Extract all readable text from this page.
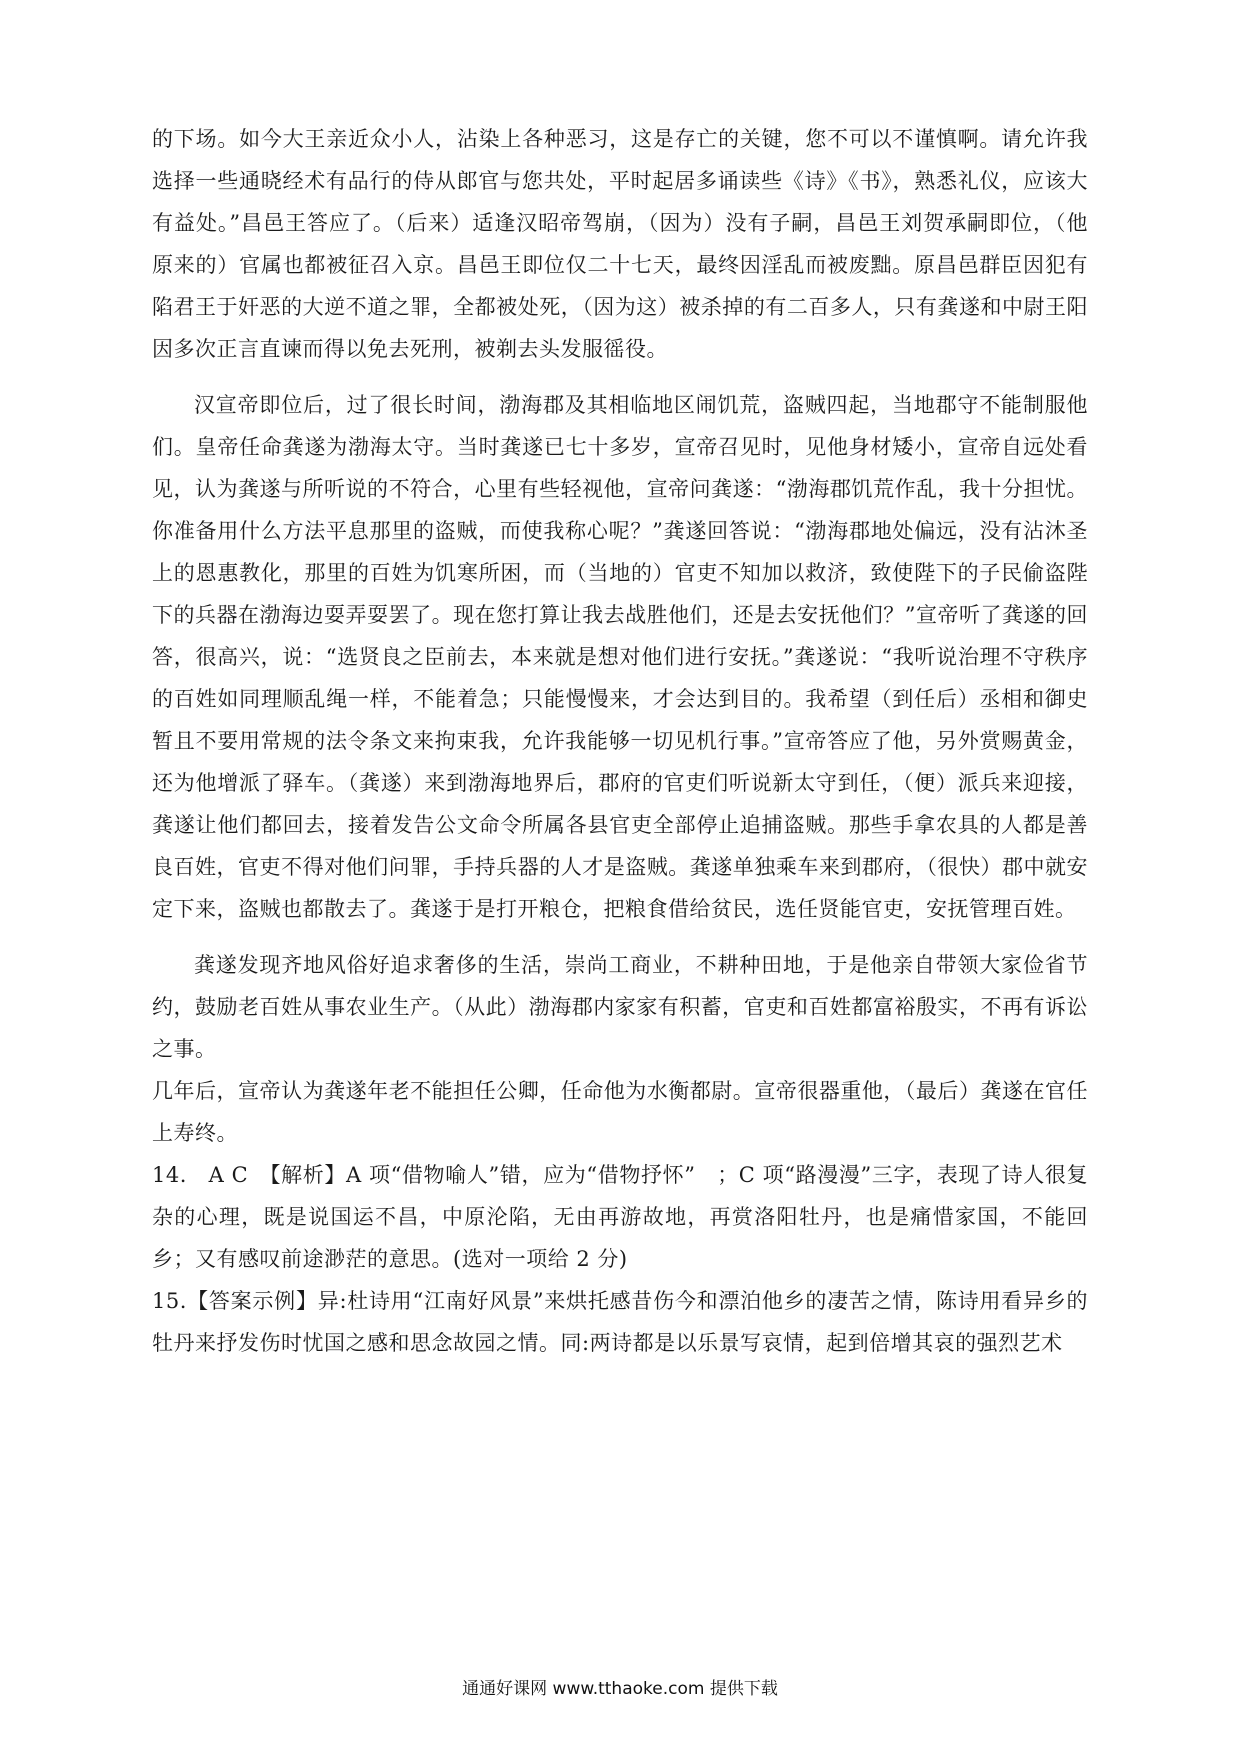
的下场。如今大王亲近众小人，沾染上各种恶习，这是存亡的关键，您不可以不谨慎啊。请允许我选择一些通晓经术有品行的侍从郎官与您共处，平时起居多诵读些《诗》《书》，熟悉礼仪，应该大有益处。”昌邑王答应了。（后来）适逢汉昭帝驾崩，（因为）没有子嗣，昌邑王刘贺承嗣即位，（他原来的）官属也都被征召入京。昌邑王即位仅二十七天，最终因淫乱而被废黜。原昌邑群臣因犯有陷君王于奸恶的大逆不道之罪，全都被处死，（因为这）被杀掉的有二百多人，只有龚遂和中尉王阳因多次正言直谏而得以免去死刑，被剃去头发服徭役。

汉宣帝即位后，过了很长时间，渤海郡及其相临地区闹饥荒，盗贼四起，当地郡守不能制服他们。皇帝任命龚遂为渤海太守。当时龚遂已七十多岁，宣帝召见时，见他身材矮小，宣帝自远处看见，认为龚遂与所听说的不符合，心里有些轻视他，宣帝问龚遂：“渤海郡饥荒作乱，我十分担忧。你准备用什么方法平息那里的盗贼，而使我称心呢？”龚遂回答说：“渤海郡地处偏远，没有沾沐圣上的恩惠教化，那里的百姓为饥寒所困，而（当地的）官吏不知加以救济，致使陛下的子民偷盗陛下的兵器在渤海边耍弄耍罢了。现在您打算让我去战胜他们，还是去安抚他们？”宣帝听了龚遂的回答，很高兴，说：“选贤良之臣前去，本来就是想对他们进行安抚。”龚遂说：“我听说治理不守秩序的百姓如同理顺乱绳一样，不能着急；只能慢慢来，才会达到目的。我希望（到任后）丞相和御史暂且不要用常规的法令条文来拘束我，允许我能够一切见机行事。”宣帝答应了他，另外赏赐黄金，还为他增派了驿车。（龚遂）来到渤海地界后，郡府的官吏们听说新太守到任，（便）派兵来迎接，龚遂让他们都回去，接着发告公文命令所属各县官吏全部停止追捕盗贼。那些手拿农具的人都是善良百姓，官吏不得对他们问罪，手持兵器的人才是盗贼。龚遂单独乘车来到郡府，（很快）郡中就安定下来，盗贼也都散去了。龚遂于是打开粮仓，把粮食借给贫民，选任贤能官吏，安抚管理百姓。

龚遂发现齐地风俗好追求奢侈的生活，崇尚工商业，不耕种田地，于是他亲自带领大家俭省节约，鼓励老百姓从事农业生产。（从此）渤海郡内家家有积蓄，官吏和百姓都富裕殷实，不再有诉讼之事。

几年后，宣帝认为龚遂年老不能担任公卿，任命他为水衡都尉。宣帝很器重他，（最后）龚遂在官任上寿终。

14.　A C　【解析】A 项“借物喻人”错，应为“借物抒怀”　；C 项“路漫漫”三字，表现了诗人很复杂的心理，既是说国运不昌，中原沦陷，无由再游故地，再赏洛阳牡丹，也是痛惜家国，不能回乡；又有感叹前途渺茫的意思。(选对一项给 2 分)

15.【答案示例】异:杜诗用“江南好风景”来烘托感昔伤今和漂泊他乡的凄苦之情，陈诗用看异乡的牡丹来抒发伤时忧国之感和思念故园之情。同:两诗都是以乐景写哀情，起到倍增其哀的强烈艺术

通通好课网 www.tthaoke.com 提供下载
